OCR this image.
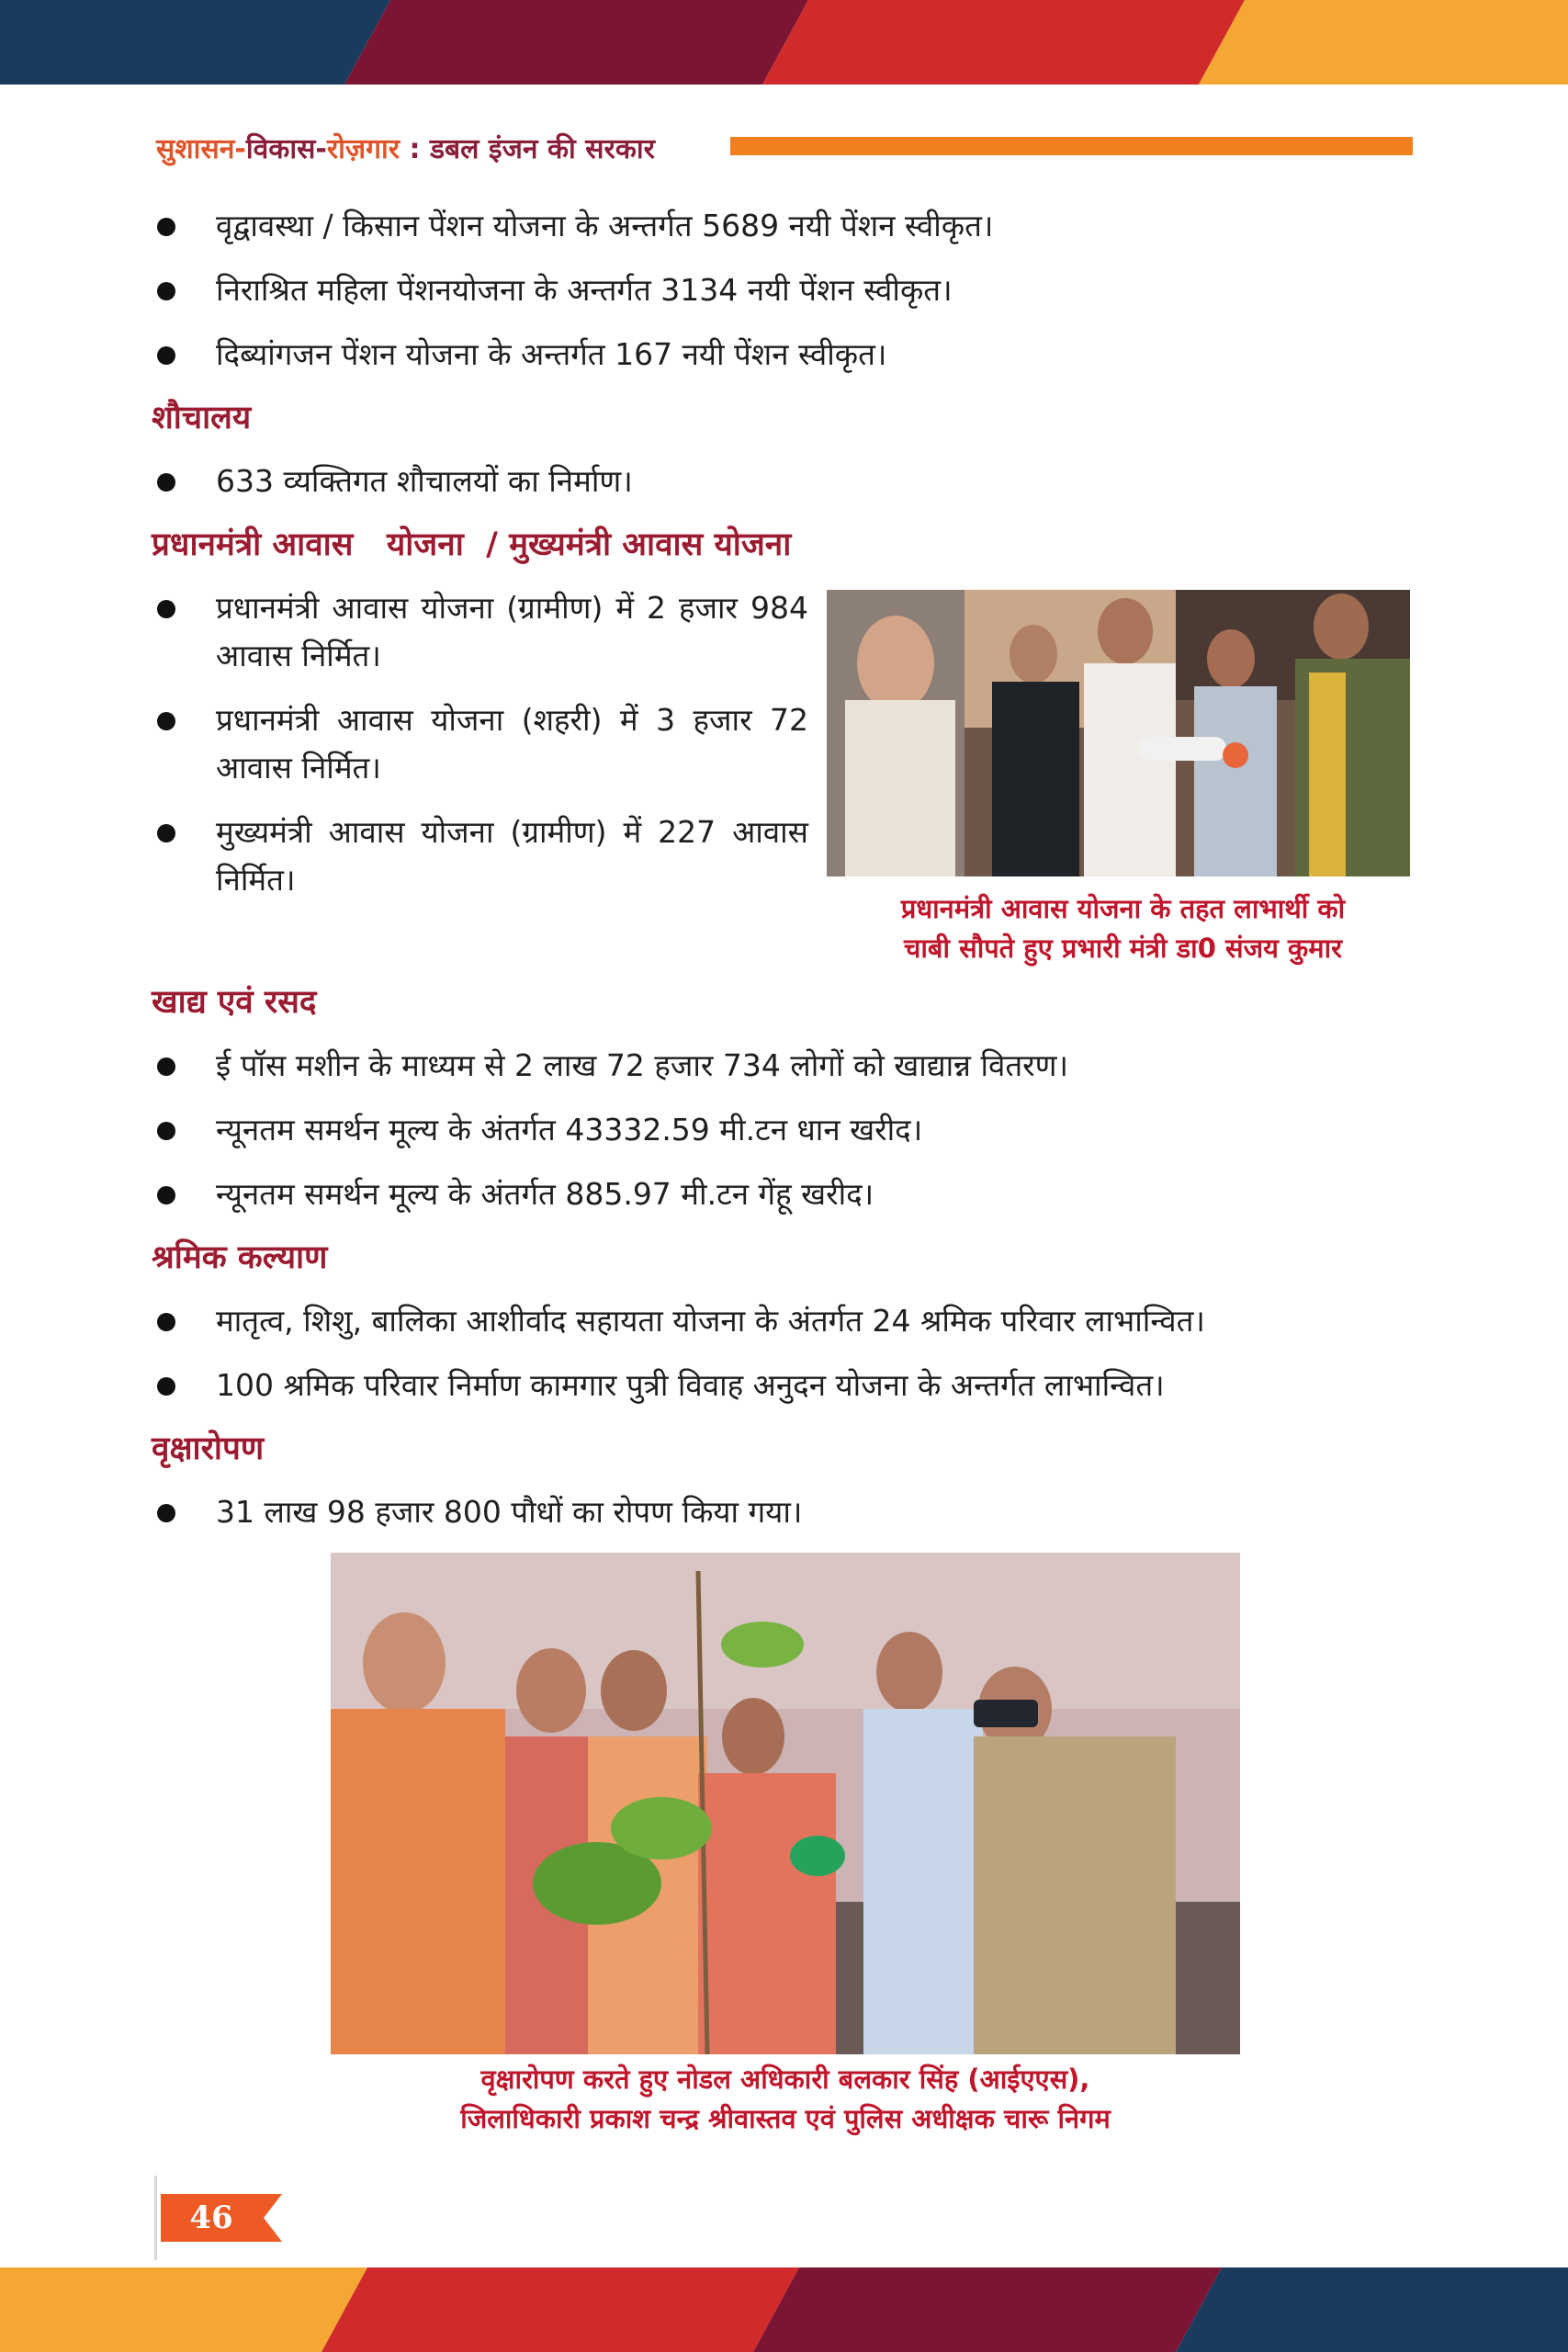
सुशासन-विकास-रोज़गार : डबल इंजन की सरकार
वृद्वावस्था / किसान पेंशन योजना के अन्तर्गत 5689 नयी पेंशन स्वीकृत।
निराश्रित महिला पेंशनयोजना के अन्तर्गत 3134 नयी पेंशन स्वीकृत।
दिब्यांगजन पेंशन योजना के अन्तर्गत 167 नयी पेंशन स्वीकृत।
शौचालय
633 व्यक्तिगत शौचालयों का निर्माण।
प्रधानमंत्री आवास   योजना  / मुख्यमंत्री आवास योजना
प्रधानमंत्री आवास योजना (ग्रामीण) में 2 हजार 984 आवास निर्मित।
प्रधानमंत्री आवास योजना (शहरी) में 3 हजार 72 आवास निर्मित।
मुख्यमंत्री आवास योजना (ग्रामीण) में 227 आवास निर्मित।
प्रधानमंत्री आवास योजना के तहत लाभार्थी को
चाबी सौपते हुए प्रभारी मंत्री डा0 संजय कुमार
खाद्य एवं रसद
ई पॉस मशीन के माध्यम से 2 लाख 72 हजार 734 लोगों को खाद्यान्न वितरण।
न्यूनतम समर्थन मूल्य के अंतर्गत 43332.59 मी.टन धान खरीद।
न्यूनतम समर्थन मूल्य के अंतर्गत 885.97 मी.टन गेंहू खरीद।
श्रमिक कल्याण
मातृत्व, शिशु, बालिका आशीर्वाद सहायता योजना के अंतर्गत 24 श्रमिक परिवार लाभान्वित।
100 श्रमिक परिवार निर्माण कामगार पुत्री विवाह अनुदन योजना के अन्तर्गत लाभान्वित।
वृक्षारोपण
31 लाख 98 हजार 800 पौधों का रोपण किया गया।
वृक्षारोपण करते हुए नोडल अधिकारी बलकार सिंह (आईएएस),
जिलाधिकारी प्रकाश चन्द्र श्रीवास्तव एवं पुलिस अधीक्षक चारू निगम
46
